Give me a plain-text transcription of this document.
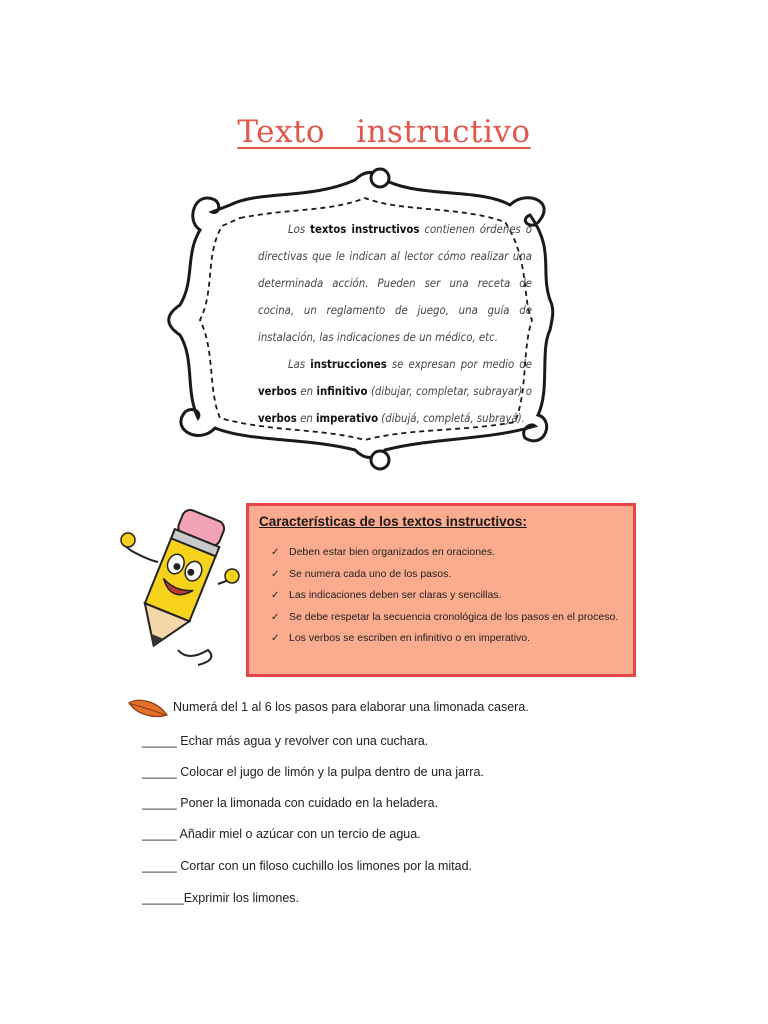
Texto   instructivo

Los textos instructivos contienen órdenes o directivas que le indican al lector cómo realizar una determinada acción. Pueden ser una receta de cocina, un reglamento de juego, una guía de instalación, las indicaciones de un médico, etc.

Las instrucciones se expresan por medio de verbos en infinitivo (dibujar, completar, subrayar) o verbos en imperativo (dibujá, completá, subrayá).

Características de los textos instructivos:
✓ Deben estar bien organizados en oraciones.
✓ Se numera cada uno de los pasos.
✓ Las indicaciones deben ser claras y sencillas.
✓ Se debe respetar la secuencia cronológica de los pasos en el proceso.
✓ Los verbos se escriben en infinitivo o en imperativo.
Numerá del 1 al 6 los pasos para elaborar una limonada casera.
_____ Echar más agua y revolver con una cuchara.
_____ Colocar el jugo de limón y la pulpa dentro de una jarra.
_____ Poner la limonada con cuidado en la heladera.
_____ Añadir miel o azúcar con un tercio de agua.
_____ Cortar con un filoso cuchillo los limones por la mitad.
______Exprimir los limones.
